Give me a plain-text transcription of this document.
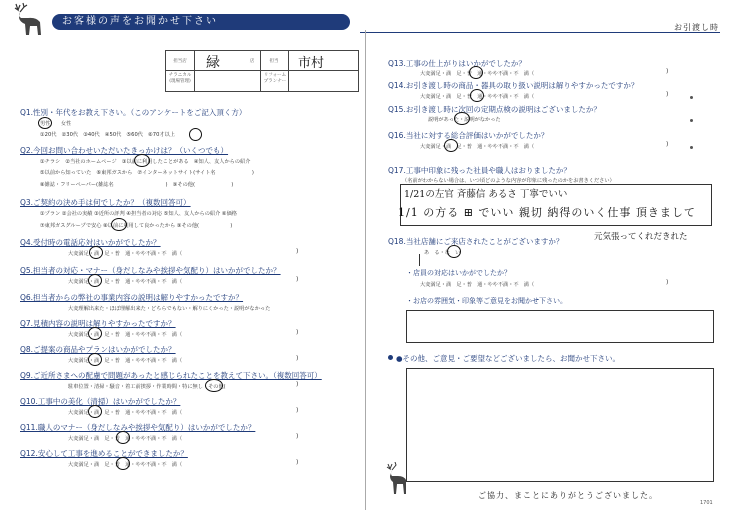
お客様の声をお聞かせ下さい
お引渡し時
担当店	緑	店	担当	市村
チラニカル (現場管理)
リフォーム プランナー
Q1.性別・年代をお教え下さい。（このアンケートをご記入頂く方）
男性　　女性
①20代　②30代　③40代　④50代　⑤60代　⑥70才以上
Q2.今回お問い合わせいただいたきっかけは？（いくつでも）
①チラシ　②当社のホームページ　③以前に利用したことがある　④知人、友人からの紹介
⑤以前から知っていた　⑥東邦ガスから　⑦インターネットサイト(サイト名　　　　　　　)
⑧雑誌・フリーペーパー(雑誌名　　　　　　　　　　)　⑨その他(　　　　　　　)
Q3.ご契約の決め手は何でしたか？（複数回答可）
①プラン ②会社の実績 ③近所の評判 ④担当者の対応 ⑤知人、友人からの紹介 ⑥価格
⑦東邦ガスグループで安心 ⑧以前に利用して良かったから ⑨その他(　　　　　　)
Q4.受付時の電話応対はいかがでしたか？
大変満足・満　足・普　通・やや不満・不　満（	)
Q5.担当者の対応・マナー（身だしなみや挨拶や気配り）はいかがでしたか？
大変満足・満　足・普　通・やや不満・不　満（	)
Q6.担当者からの弊社の事業内容の説明は解りやすかったですか？
大変理解出来た・ほぼ理解出来た・どちらでもない・解りにくかった・説明がなかった
Q7.見積内容の説明は解りやすかったですか？
大変満足・満　足・普　通・やや不満・不　満（	)
Q8.ご提案の商品やプランはいかがでしたか？
大変満足・満　足・普　通・やや不満・不　満（	)
Q9.ご近所さまへの配慮で問題があったと感じられたことを教えて下さい。（複数回答可）
駐車位置・清掃・騒音・着工前挨拶・作業時間・特に無し・その他(	)
Q10.工事中の美化（清掃）はいかがでしたか？
大変満足・満　足・普　通・やや不満・不　満（	)
Q11.職人のマナー（身だしなみや挨拶や気配り）はいかがでしたか？
大変満足・満　足・普　通・やや不満・不　満（	)
Q12.安心して工事を進めることができましたか？
大変満足・満　足・普　通・やや不満・不　満（	)
Q13.工事の仕上がりはいかがでしたか？
大変満足・満　足・普　通・やや不満・不　満（	)
Q14.お引き渡し時の商品・器具の取り扱い説明は解りやすかったですか？
大変満足・満　足・普　通・やや不満・不　満（	)
Q15.お引き渡し時に次回の定期点検の説明はございましたか？
説明があった・説明がなかった
Q16.当社に対する総合評価はいかがでしたか？
大変満足・満　足・普　通・やや不満・不　満（	)
Q17.工事中印象に残った社員や職人はおりましたか？
（名前がわからない場合は、いつ頃どのような内容が印象に残ったのかをお書きください）
1/21の左官 斉藤信 あるさ 丁寧でいい
1/1 の方る ⊞ でいい 親切 納得のいく仕事 頂きまして
Q18.当社店舗にご来店されたことがございますか？
あ　る・な　い
元気張ってくれだきれた
・店員の対応はいかがでしたか？
大変満足・満　足・普　通・やや不満・不　満（	)
・お店の雰囲気・印象等ご意見をお聞かせ下さい。
●その他、ご意見・ご要望などございましたら、お聞かせ下さい。
ご協力、まことにありがとうございました。
1701
